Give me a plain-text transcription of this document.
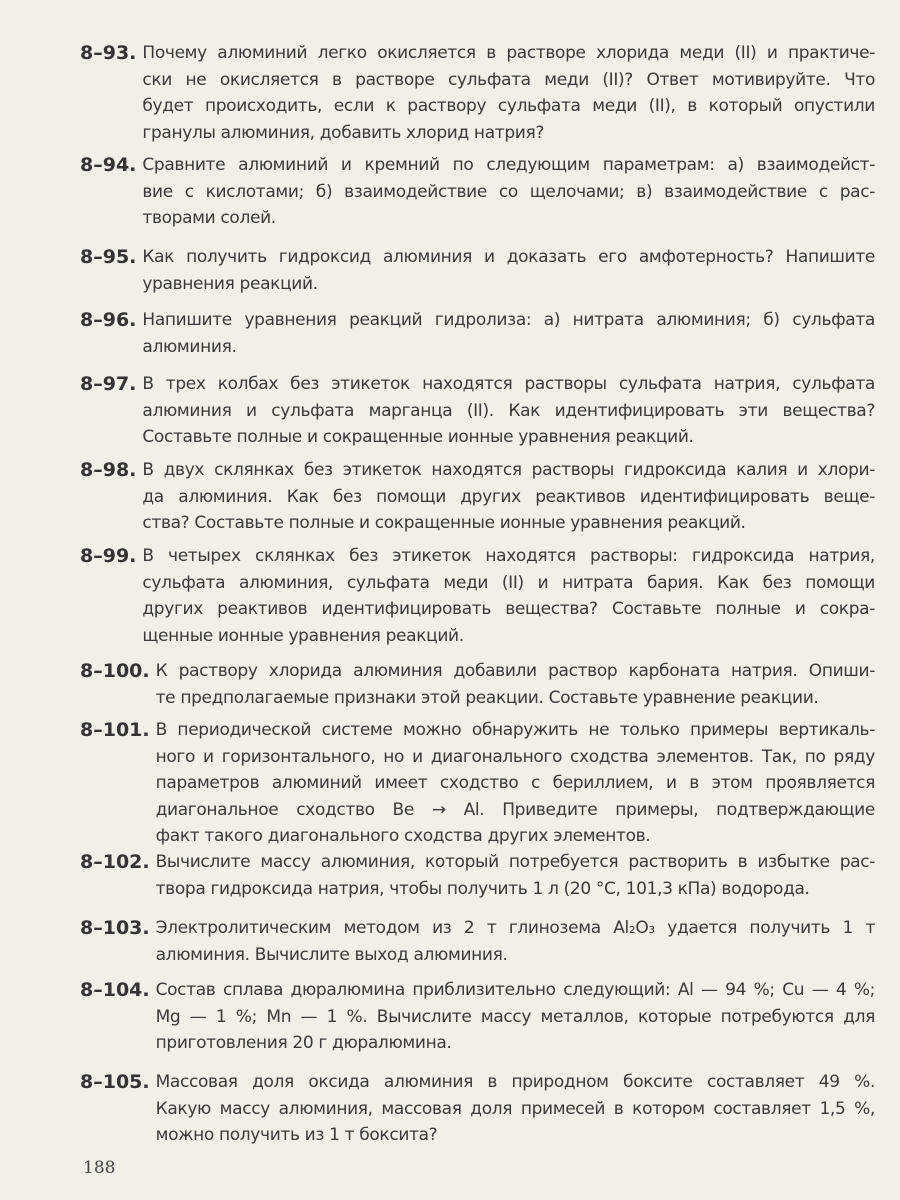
8–93. Почему алюминий легко окисляется в растворе хлорида меди (II) и практиче-
ски не окисляется в растворе сульфата меди (II)? Ответ мотивируйте. Что
будет происходить, если к раствору сульфата меди (II), в который опустили
гранулы алюминия, добавить хлорид натрия?
8–94. Сравните алюминий и кремний по следующим параметрам: а) взаимодейст-
вие с кислотами; б) взаимодействие со щелочами; в) взаимодействие с рас-
творами солей.
8–95. Как получить гидроксид алюминия и доказать его амфотерность? Напишите
уравнения реакций.
8–96. Напишите уравнения реакций гидролиза: а) нитрата алюминия; б) сульфата
алюминия.
8–97. В трех колбах без этикеток находятся растворы сульфата натрия, сульфата
алюминия и сульфата марганца (II). Как идентифицировать эти вещества?
Составьте полные и сокращенные ионные уравнения реакций.
8–98. В двух склянках без этикеток находятся растворы гидроксида калия и хлори-
да алюминия. Как без помощи других реактивов идентифицировать веще-
ства? Составьте полные и сокращенные ионные уравнения реакций.
8–99. В четырех склянках без этикеток находятся растворы: гидроксида натрия,
сульфата алюминия, сульфата меди (II) и нитрата бария. Как без помощи
других реактивов идентифицировать вещества? Составьте полные и сокра-
щенные ионные уравнения реакций.
8–100. К раствору хлорида алюминия добавили раствор карбоната натрия. Опиши-
те предполагаемые признаки этой реакции. Составьте уравнение реакции.
8–101. В периодической системе можно обнаружить не только примеры вертикаль-
ного и горизонтального, но и диагонального сходства элементов. Так, по ряду
параметров алюминий имеет сходство с бериллием, и в этом проявляется
диагональное сходство Be → Al. Приведите примеры, подтверждающие
факт такого диагонального сходства других элементов.
8–102. Вычислите массу алюминия, который потребуется растворить в избытке рас-
твора гидроксида натрия, чтобы получить 1 л (20 °С, 101,3 кПа) водорода.
8–103. Электролитическим методом из 2 т глинозема Al₂O₃ удается получить 1 т
алюминия. Вычислите выход алюминия.
8–104. Состав сплава дюралюмина приблизительно следующий: Al — 94 %; Cu — 4 %;
Mg — 1 %; Mn — 1 %. Вычислите массу металлов, которые потребуются для
приготовления 20 г дюралюмина.
8–105. Массовая доля оксида алюминия в природном боксите составляет 49 %.
Какую массу алюминия, массовая доля примесей в котором составляет 1,5 %,
можно получить из 1 т боксита?
188
